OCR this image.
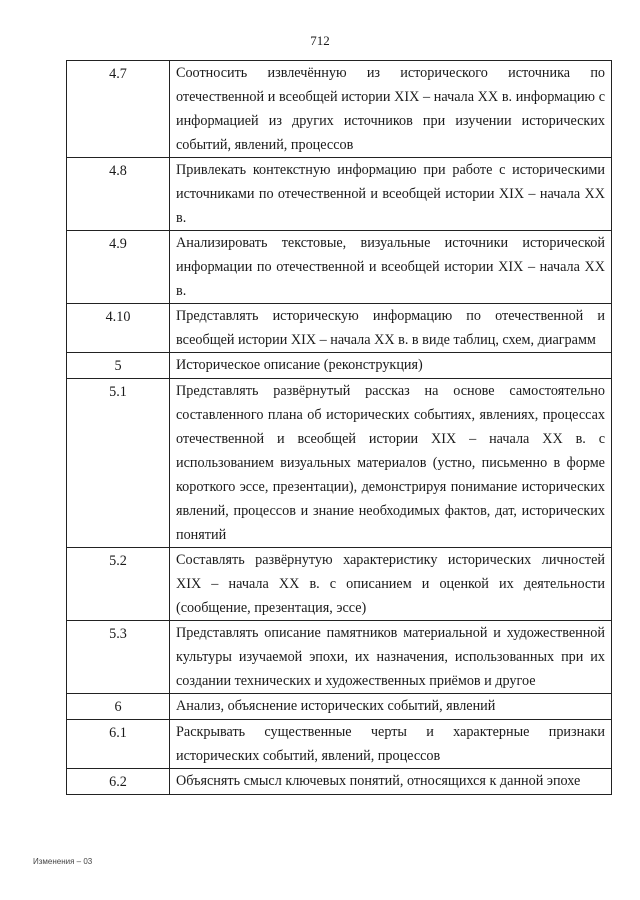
712
4.7	Соотносить извлечённую из исторического источника по отечественной и всеобщей истории XIX – начала XX в. информацию с информацией из других источников при изучении исторических событий, явлений, процессов
4.8	Привлекать контекстную информацию при работе с историческими источниками по отечественной и всеобщей истории XIX – начала XX в.
4.9	Анализировать текстовые, визуальные источники исторической информации по отечественной и всеобщей истории XIX – начала XX в.
4.10	Представлять историческую информацию по отечественной и всеобщей истории XIX – начала XX в. в виде таблиц, схем, диаграмм
5	Историческое описание (реконструкция)
5.1	Представлять развёрнутый рассказ на основе самостоятельно составленного плана об исторических событиях, явлениях, процессах отечественной и всеобщей истории XIX – начала XX в. с использованием визуальных материалов (устно, письменно в форме короткого эссе, презентации), демонстрируя понимание исторических явлений, процессов и знание необходимых фактов, дат, исторических понятий
5.2	Составлять развёрнутую характеристику исторических личностей XIX – начала XX в. с описанием и оценкой их деятельности (сообщение, презентация, эссе)
5.3	Представлять описание памятников материальной и художественной культуры изучаемой эпохи, их назначения, использованных при их создании технических и художественных приёмов и другое
6	Анализ, объяснение исторических событий, явлений
6.1	Раскрывать существенные черты и характерные признаки исторических событий, явлений, процессов
6.2	Объяснять смысл ключевых понятий, относящихся к данной эпохе
Изменения – 03
